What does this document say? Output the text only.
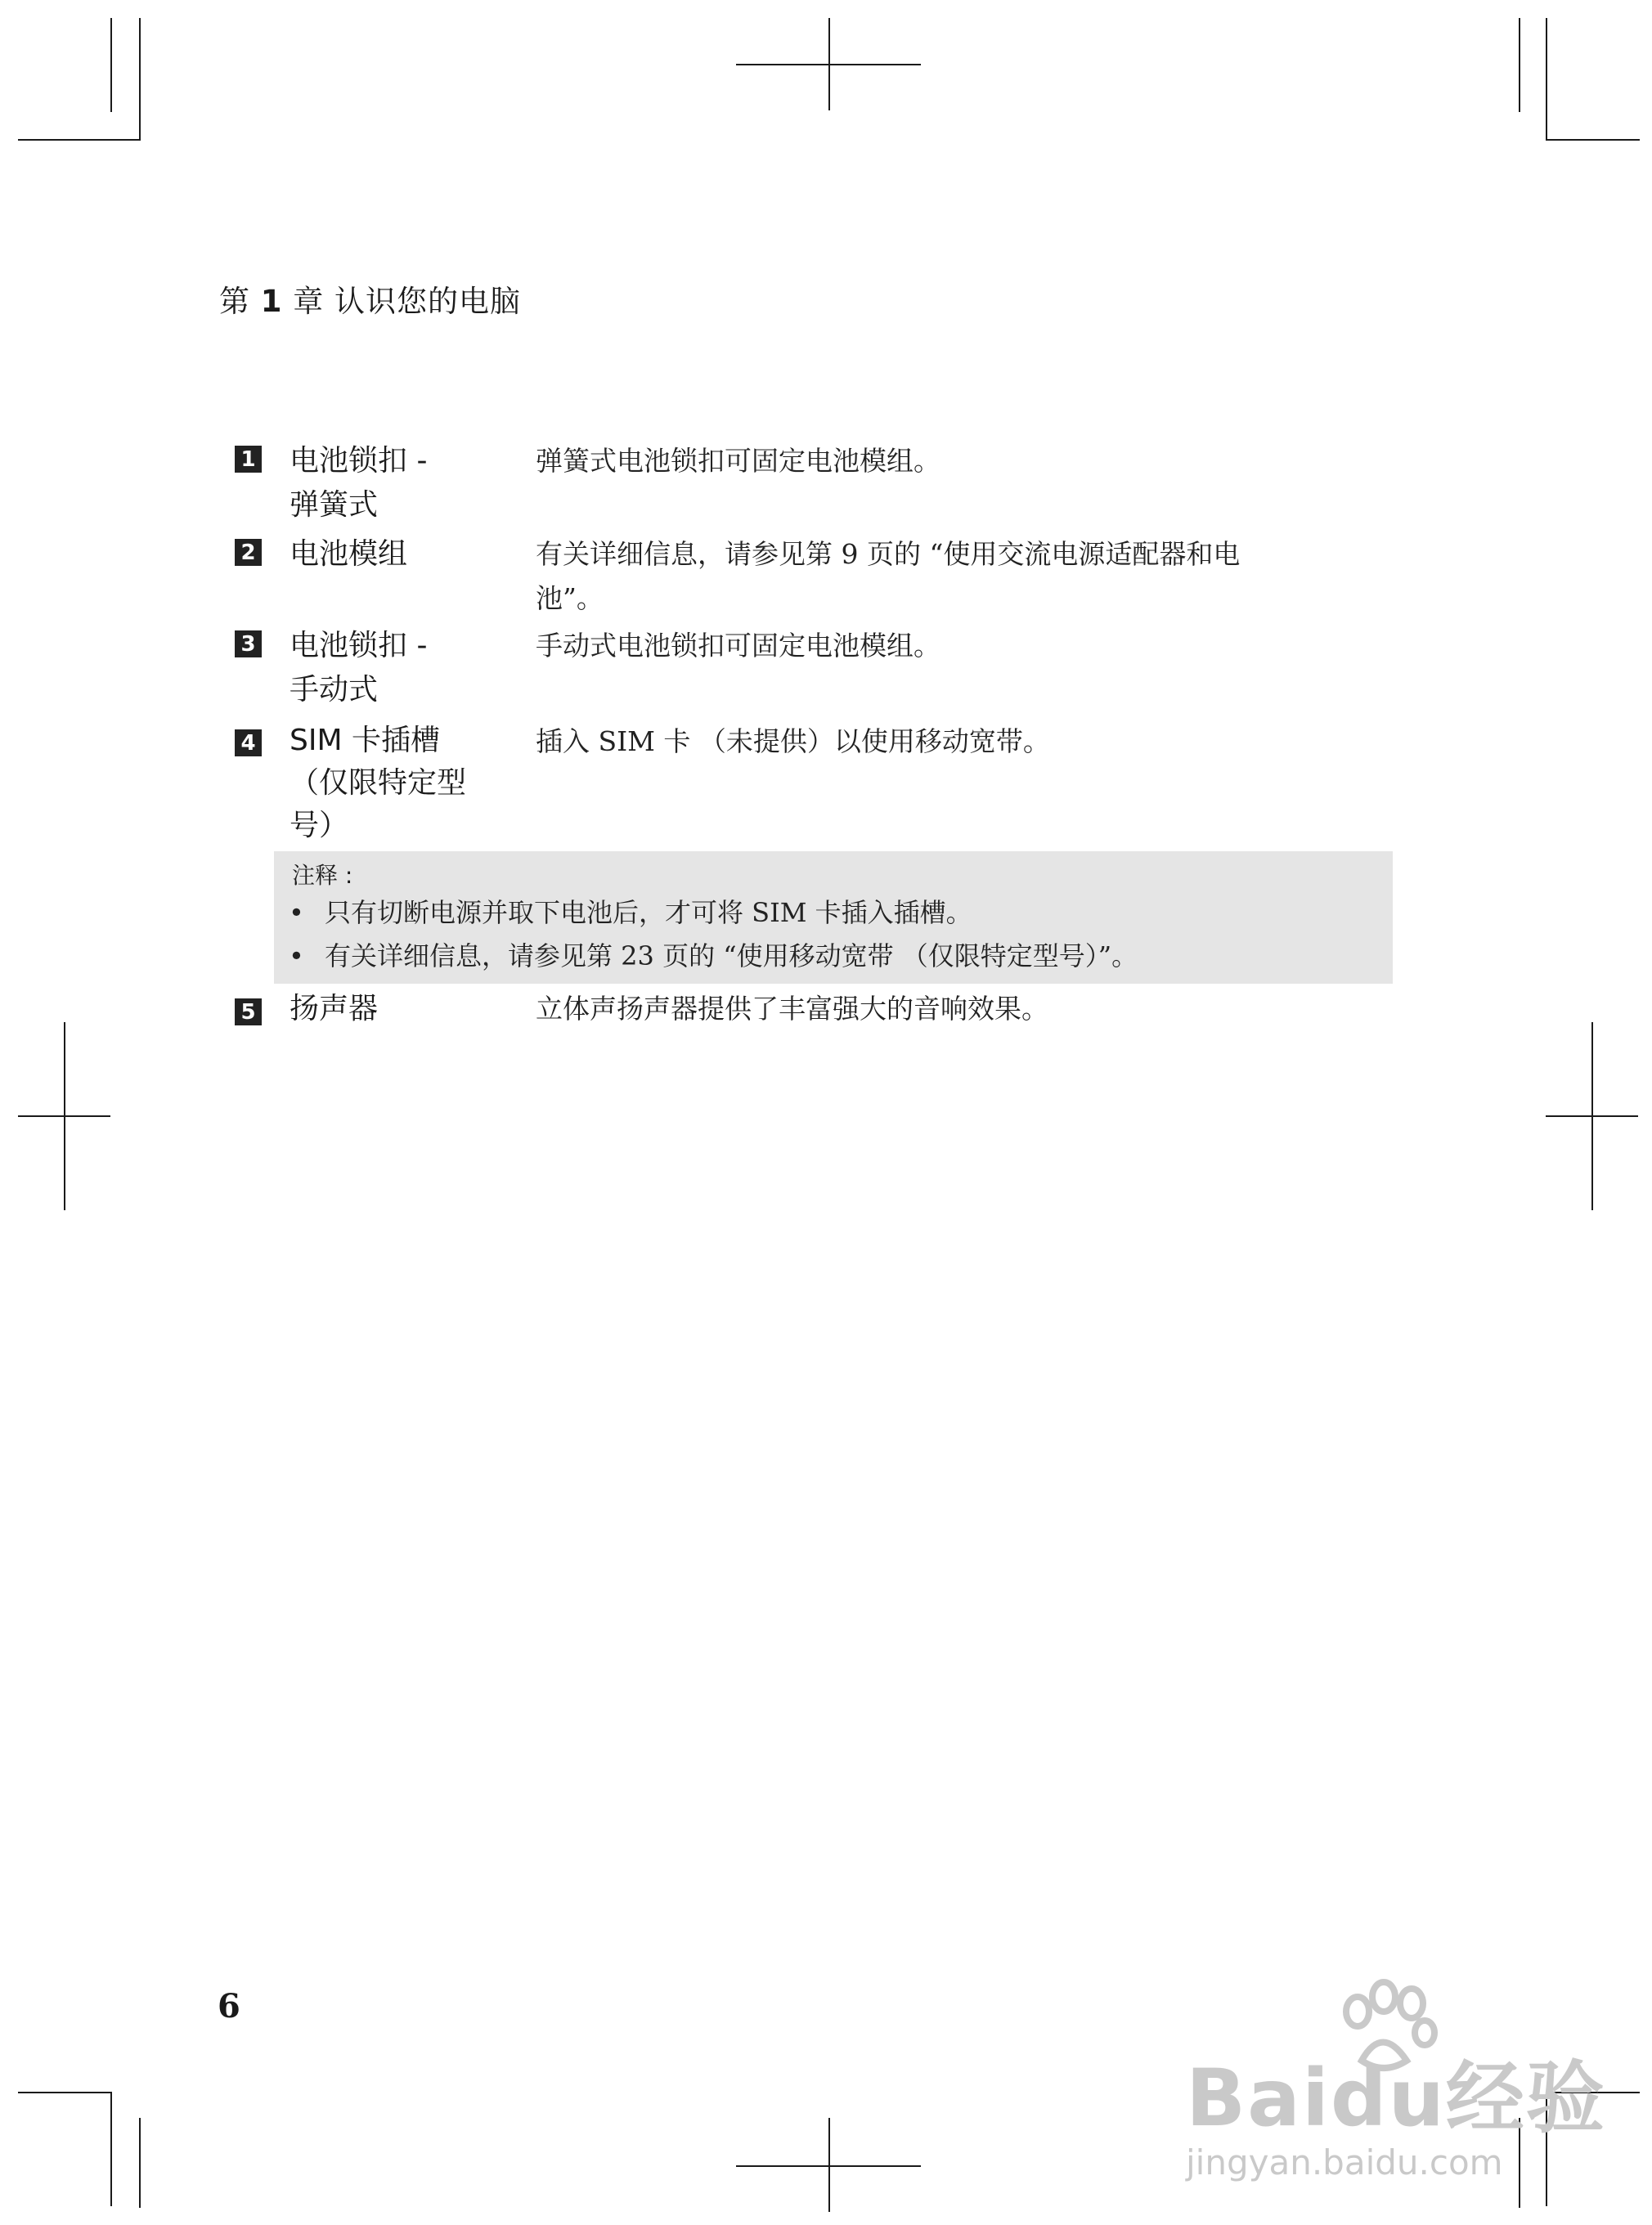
第 1 章 认识您的电脑
1 电池锁扣 -
弹簧式
弹簧式电池锁扣可固定电池模组。
2 电池模组	有关详细信息，请参见第 9 页的 “使用交流电源适配器和电
池”。
3 电池锁扣 -
手动式
手动式电池锁扣可固定电池模组。
4 SIM 卡插槽
（仅限特定型
号）
插入 SIM 卡 （未提供）以使用移动宽带。
注释 :
• 只有切断电源并取下电池后，才可将 SIM 卡插入插槽。
• 有关详细信息，请参见第 23 页的 “使用移动宽带 （仅限特定型号）”。
5 扬声器	立体声扬声器提供了丰富强大的音响效果。
6
Baidu经验
jingyan.baidu.com
